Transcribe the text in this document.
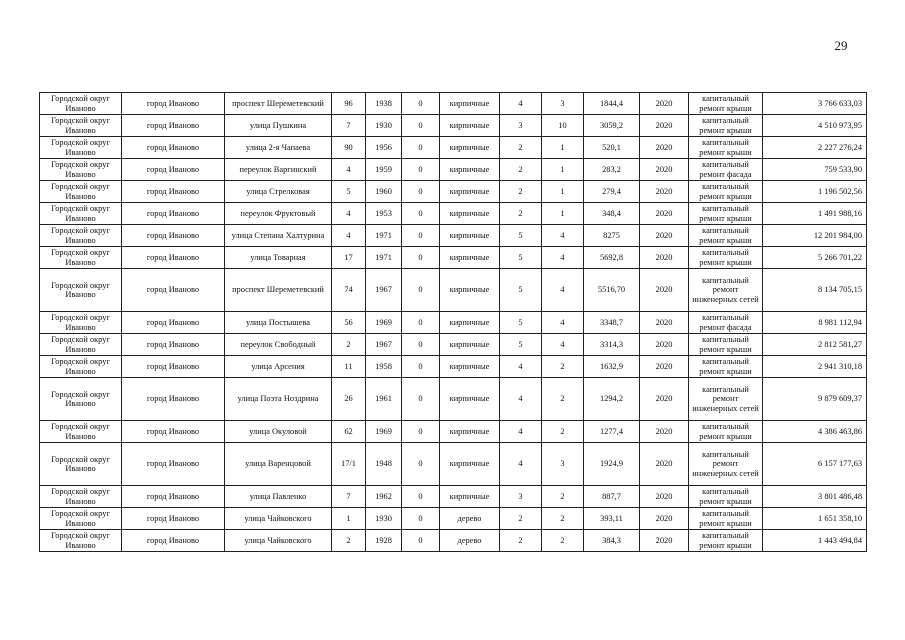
29
Городской округ Иваново	город Иваново	проспект Шереметевский	96	1938	0	кирпичные	4	3	1844,4	2020	капитальный ремонт крыши	3 766 633,03
Городской округ Иваново	город Иваново	улица Пушкина	7	1930	0	кирпичные	3	10	3059,2	2020	капитальный ремонт крыши	4 510 973,95
Городской округ Иваново	город Иваново	улица 2-я Чапаева	90	1956	0	кирпичные	2	1	520,1	2020	капитальный ремонт крыши	2 227 276,24
Городской округ Иваново	город Иваново	переулок Варгинский	4	1959	0	кирпичные	2	1	283,2	2020	капитальный ремонт фасада	759 533,90
Городской округ Иваново	город Иваново	улица Стрелковая	5	1960	0	кирпичные	2	1	279,4	2020	капитальный ремонт крыши	1 196 502,56
Городской округ Иваново	город Иваново	переулок Фруктовый	4	1953	0	кирпичные	2	1	348,4	2020	капитальный ремонт крыши	1 491 988,16
Городской округ Иваново	город Иваново	улица Степана Халтурина	4	1971	0	кирпичные	5	4	8275	2020	капитальный ремонт крыши	12 201 984,00
Городской округ Иваново	город Иваново	улица Товарная	17	1971	0	кирпичные	5	4	5692,8	2020	капитальный ремонт крыши	5 266 701,22
Городской округ Иваново	город Иваново	проспект Шереметевский	74	1967	0	кирпичные	5	4	5516,70	2020	капитальный ремонт инженерных сетей	8 134 705,15
Городской округ Иваново	город Иваново	улица Постышева	56	1969	0	кирпичные	5	4	3348,7	2020	капитальный ремонт фасада	8 981 112,94
Городской округ Иваново	город Иваново	переулок Свободный	2	1967	0	кирпичные	5	4	3314,3	2020	капитальный ремонт крыши	2 812 581,27
Городской округ Иваново	город Иваново	улица Арсения	11	1958	0	кирпичные	4	2	1632,9	2020	капитальный ремонт крыши	2 941 310,18
Городской округ Иваново	город Иваново	улица Поэта Ноздрина	26	1961	0	кирпичные	4	2	1294,2	2020	капитальный ремонт инженерных сетей	9 879 609,37
Городской округ Иваново	город Иваново	улица Окуловой	62	1969	0	кирпичные	4	2	1277,4	2020	капитальный ремонт крыши	4 386 463,86
Городской округ Иваново	город Иваново	улица Варенцовой	17/1	1948	0	кирпичные	4	3	1924,9	2020	капитальный ремонт инженерных сетей	6 157 177,63
Городской округ Иваново	город Иваново	улица Павленко	7	1962	0	кирпичные	3	2	887,7	2020	капитальный ремонт крыши	3 801 486,48
Городской округ Иваново	город Иваново	улица Чайковского	1	1930	0	дерево	2	2	393,11	2020	капитальный ремонт крыши	1 651 358,10
Городской округ Иваново	город Иваново	улица Чайковского	2	1928	0	дерево	2	2	384,3	2020	капитальный ремонт крыши	1 443 494,84
